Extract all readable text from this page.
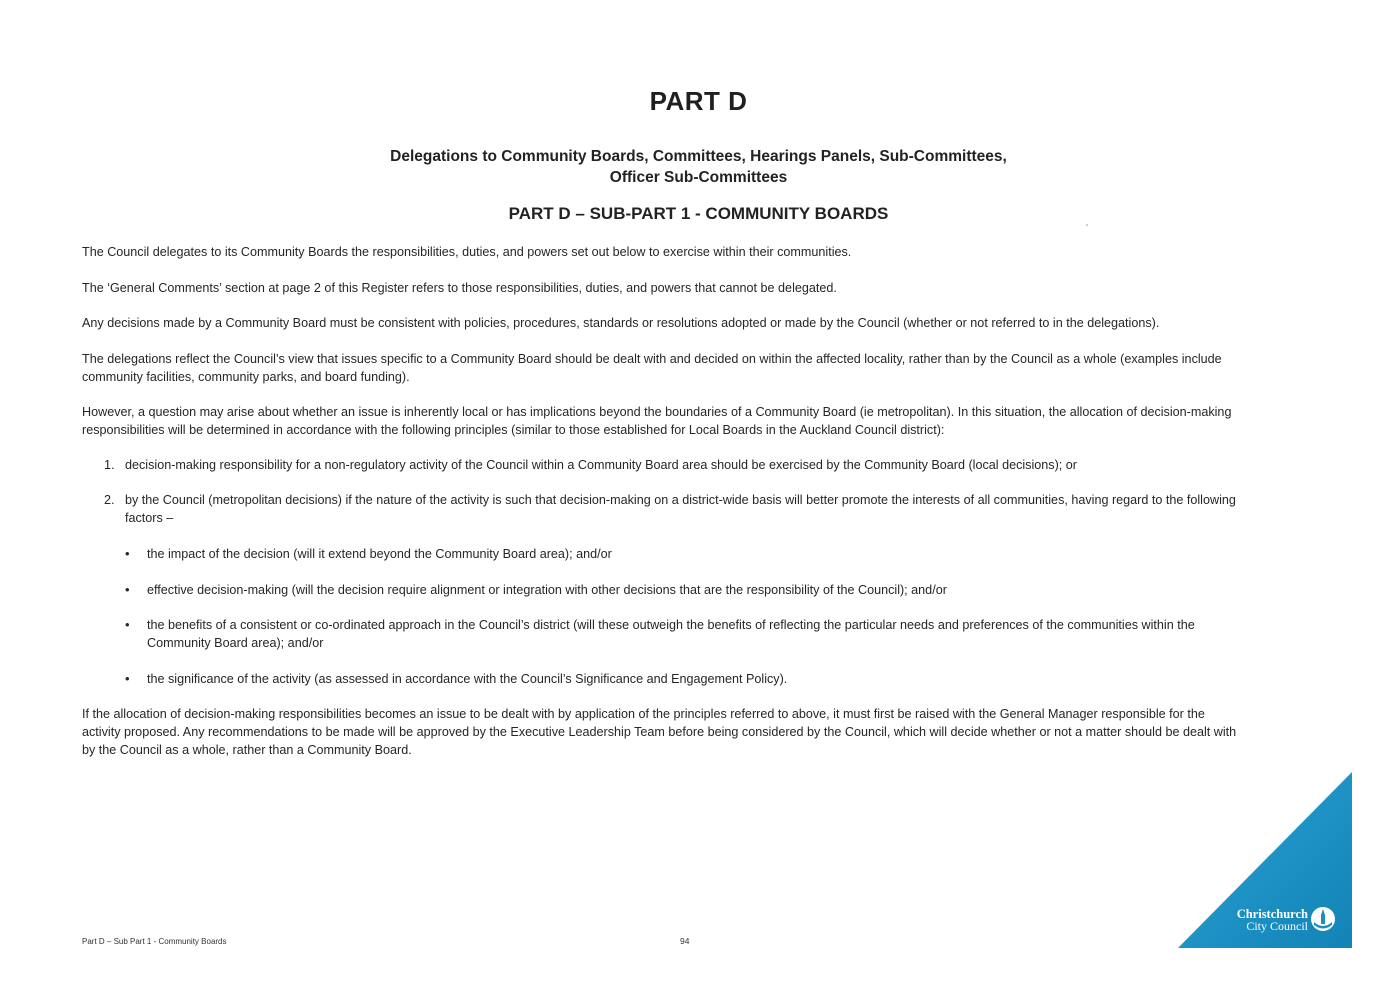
PART D
Delegations to Community Boards, Committees, Hearings Panels, Sub-Committees,
Officer Sub-Committees
PART D – SUB-PART 1 - COMMUNITY BOARDS

The Council delegates to its Community Boards the responsibilities, duties, and powers set out below to exercise within their communities.

The ‘General Comments’ section at page 2 of this Register refers to those responsibilities, duties, and powers that cannot be delegated.

Any decisions made by a Community Board must be consistent with policies, procedures, standards or resolutions adopted or made by the Council (whether or not referred to in the delegations).

The delegations reflect the Council’s view that issues specific to a Community Board should be dealt with and decided on within the affected locality, rather than by the Council as a whole (examples include
community facilities, community parks, and board funding).

However, a question may arise about whether an issue is inherently local or has implications beyond the boundaries of a Community Board (ie metropolitan). In this situation, the allocation of decision-making
responsibilities will be determined in accordance with the following principles (similar to those established for Local Boards in the Auckland Council district):

1. decision-making responsibility for a non-regulatory activity of the Council within a Community Board area should be exercised by the Community Board (local decisions); or
2. by the Council (metropolitan decisions) if the nature of the activity is such that decision-making on a district-wide basis will better promote the interests of all communities, having regard to the following
factors –
• the impact of the decision (will it extend beyond the Community Board area); and/or
• effective decision-making (will the decision require alignment or integration with other decisions that are the responsibility of the Council); and/or
• the benefits of a consistent or co-ordinated approach in the Council’s district (will these outweigh the benefits of reflecting the particular needs and preferences of the communities within the
Community Board area); and/or
• the significance of the activity (as assessed in accordance with the Council’s Significance and Engagement Policy).

If the allocation of decision-making responsibilities becomes an issue to be dealt with by application of the principles referred to above, it must first be raised with the General Manager responsible for the
activity proposed. Any recommendations to be made will be approved by the Executive Leadership Team before being considered by the Council, which will decide whether or not a matter should be dealt with
by the Council as a whole, rather than a Community Board.

Part D – Sub Part 1 - Community Boards	94
Christchurch
City Council
